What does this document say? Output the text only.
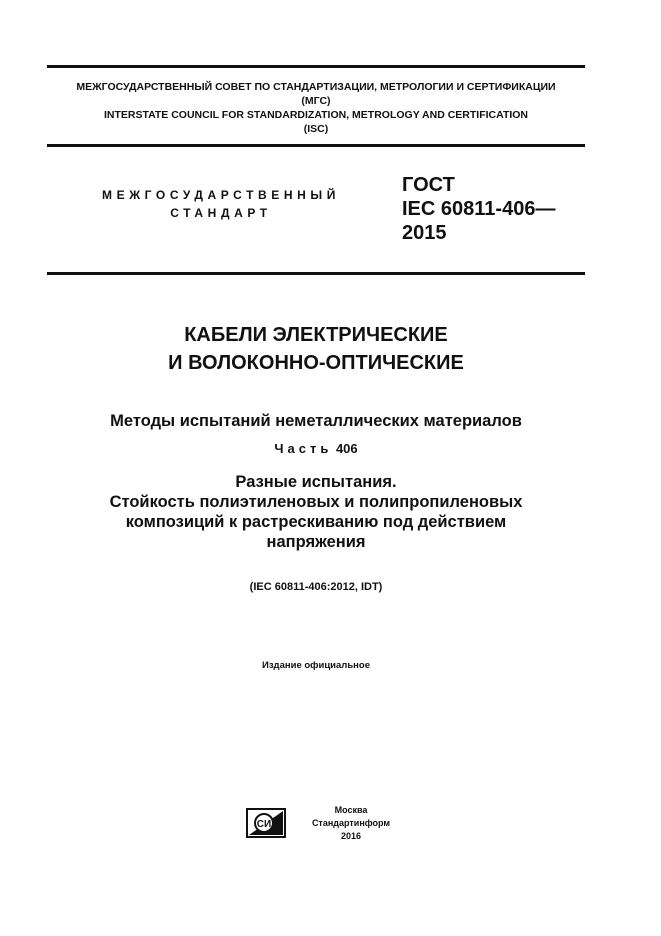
МЕЖГОСУДАРСТВЕННЫЙ СОВЕТ ПО СТАНДАРТИЗАЦИИ, МЕТРОЛОГИИ И СЕРТИФИКАЦИИ
(МГС)
INTERSTATE COUNCIL FOR STANDARDIZATION, METROLOGY AND CERTIFICATION
(ISC)
МЕЖГОСУДАРСТВЕННЫЙ
СТАНДАРТ
ГОСТ
IEC 60811-406—
2015
КАБЕЛИ ЭЛЕКТРИЧЕСКИЕ
И ВОЛОКОННО-ОПТИЧЕСКИЕ
Методы испытаний неметаллических материалов
Часть 406
Разные испытания.
Стойкость полиэтиленовых и полипропиленовых
композиций к растрескиванию под действием
напряжения
(IEC 60811-406:2012, IDT)
Издание официальное
СИ
Москва
Стандартинформ
2016
